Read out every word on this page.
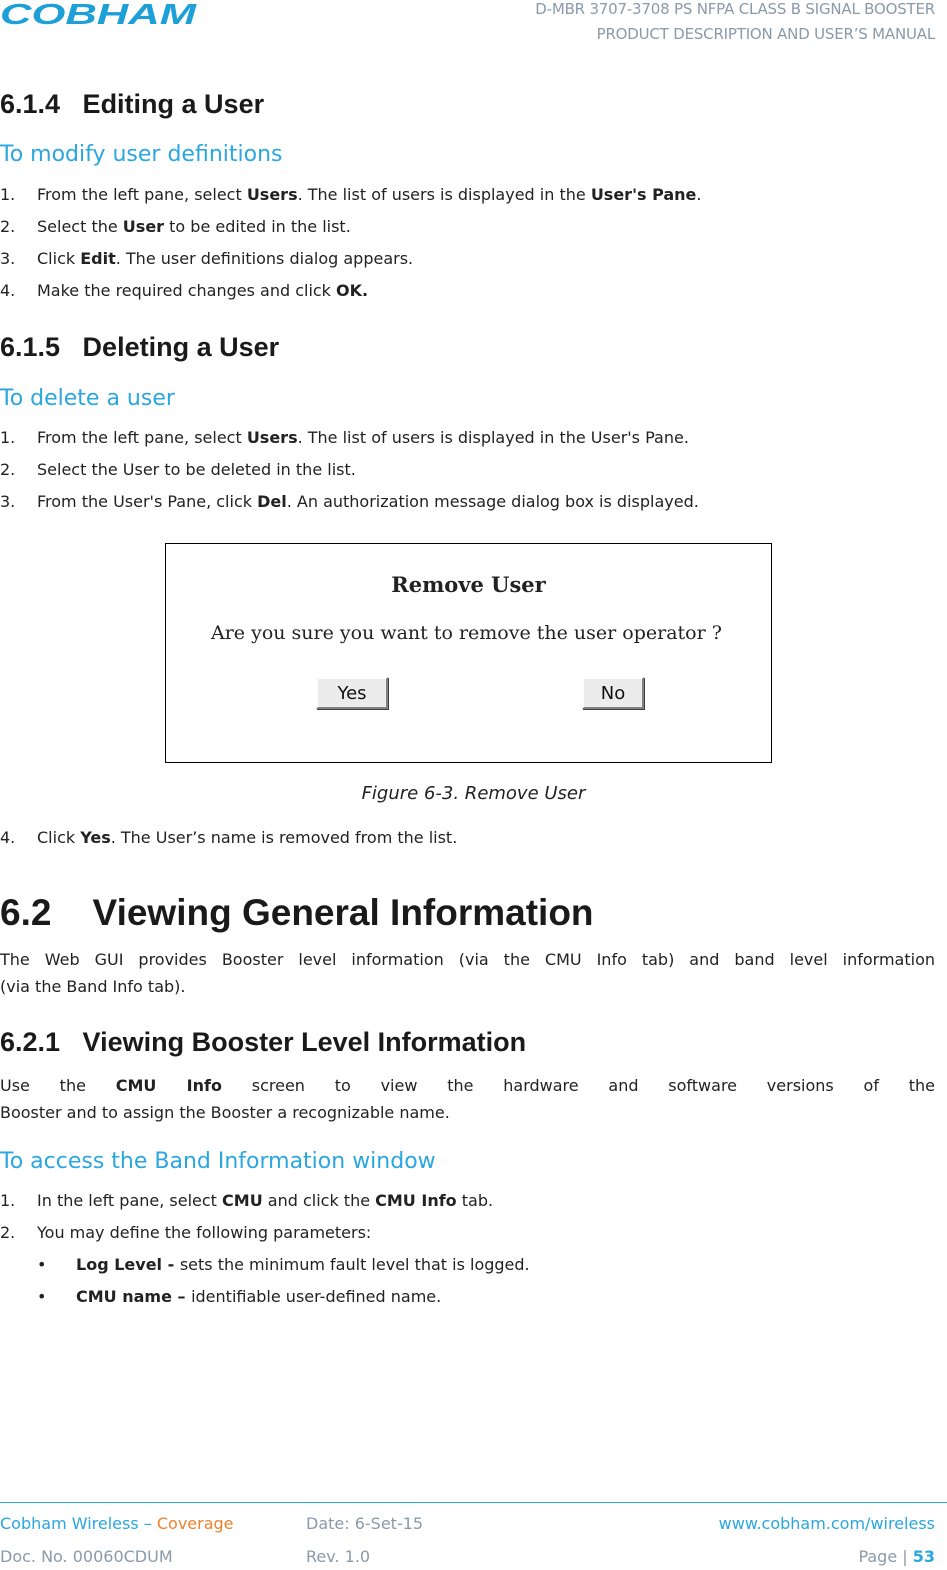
COBHAM	D-MBR 3707-3708 PS NFPA CLASS B SIGNAL BOOSTER
PRODUCT DESCRIPTION AND USER’S MANUAL
6.1.4   Editing a User
To modify user definitions
1. From the left pane, select Users. The list of users is displayed in the User's Pane.
2. Select the User to be edited in the list.
3. Click Edit. The user definitions dialog appears.
4. Make the required changes and click OK.
6.1.5   Deleting a User
To delete a user
1. From the left pane, select Users. The list of users is displayed in the User's Pane.
2. Select the User to be deleted in the list.
3. From the User's Pane, click Del. An authorization message dialog box is displayed.
Remove User
Are you sure you want to remove the user operator ?
Yes	No
Figure 6-3. Remove User
4. Click Yes. The User’s name is removed from the list.
6.2    Viewing General Information
The Web GUI provides Booster level information (via the CMU Info tab) and band level information
(via the Band Info tab).
6.2.1   Viewing Booster Level Information
Use the CMU Info screen to view the hardware and software versions of the
Booster and to assign the Booster a recognizable name.
To access the Band Information window
1. In the left pane, select CMU and click the CMU Info tab.
2. You may define the following parameters:
• Log Level - sets the minimum fault level that is logged.
• CMU name – identifiable user-defined name.
Cobham Wireless – Coverage	Date: 6-Set-15	www.cobham.com/wireless
Doc. No. 00060CDUM	Rev. 1.0	Page | 53
